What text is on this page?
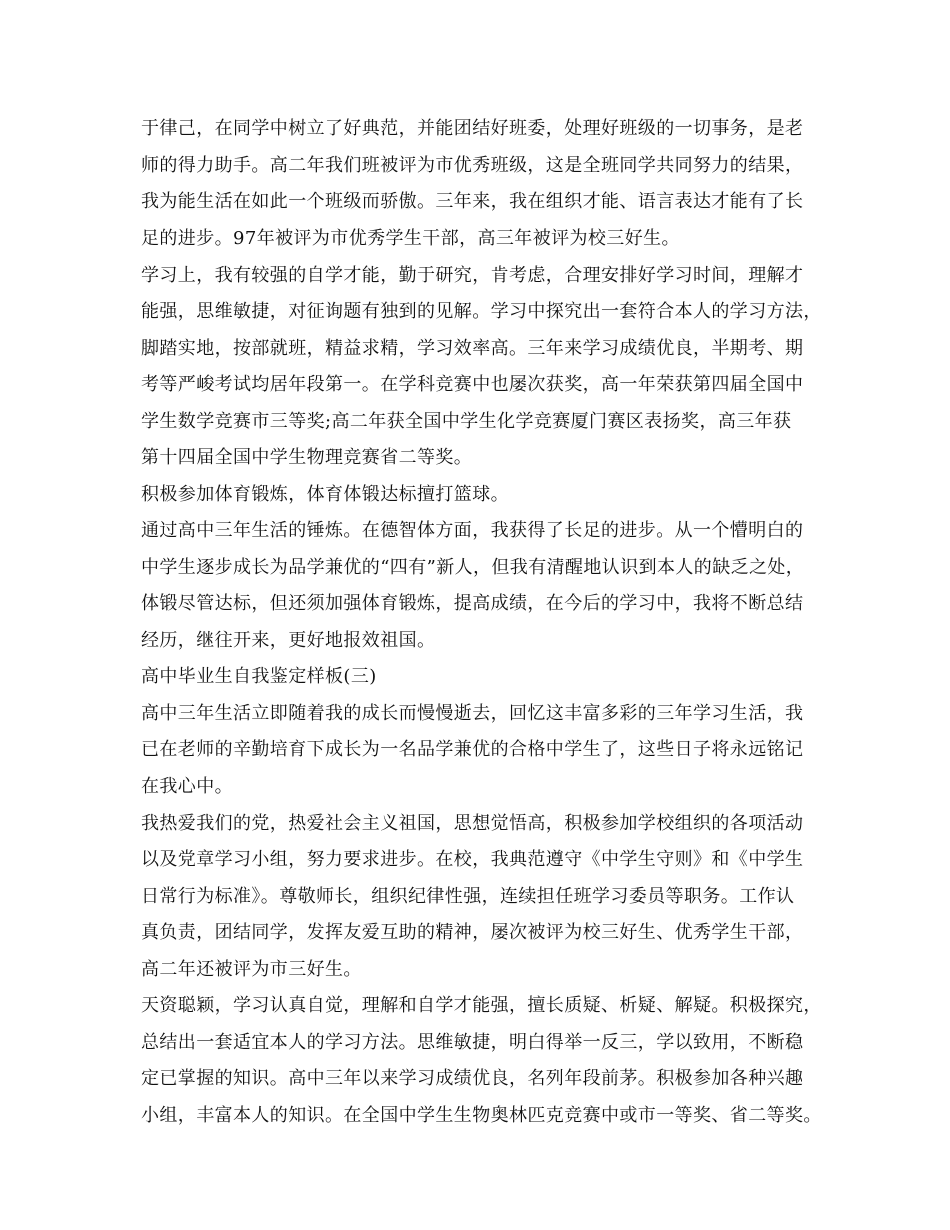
于律己，在同学中树立了好典范，并能团结好班委，处理好班级的一切事务，是老
师的得力助手。高二年我们班被评为市优秀班级，这是全班同学共同努力的结果，
我为能生活在如此一个班级而骄傲。三年来，我在组织才能、语言表达才能有了长
足的进步。97年被评为市优秀学生干部，高三年被评为校三好生。
学习上，我有较强的自学才能，勤于研究，肯考虑，合理安排好学习时间，理解才
能强，思维敏捷，对征询题有独到的见解。学习中探究出一套符合本人的学习方法，
脚踏实地，按部就班，精益求精，学习效率高。三年来学习成绩优良，半期考、期
考等严峻考试均居年段第一。在学科竞赛中也屡次获奖，高一年荣获第四届全国中
学生数学竞赛市三等奖;高二年获全国中学生化学竞赛厦门赛区表扬奖，高三年获
第十四届全国中学生物理竞赛省二等奖。
积极参加体育锻炼，体育体锻达标擅打篮球。
通过高中三年生活的锤炼。在德智体方面，我获得了长足的进步。从一个懵明白的
中学生逐步成长为品学兼优的“四有”新人，但我有清醒地认识到本人的缺乏之处，
体锻尽管达标，但还须加强体育锻炼，提高成绩，在今后的学习中，我将不断总结
经历，继往开来，更好地报效祖国。
高中毕业生自我鉴定样板(三)
高中三年生活立即随着我的成长而慢慢逝去，回忆这丰富多彩的三年学习生活，我
已在老师的辛勤培育下成长为一名品学兼优的合格中学生了，这些日子将永远铭记
在我心中。
我热爱我们的党，热爱社会主义祖国，思想觉悟高，积极参加学校组织的各项活动
以及党章学习小组，努力要求进步。在校，我典范遵守《中学生守则》和《中学生
日常行为标准》。尊敬师长，组织纪律性强，连续担任班学习委员等职务。工作认
真负责，团结同学，发挥友爱互助的精神，屡次被评为校三好生、优秀学生干部，
高二年还被评为市三好生。
天资聪颖，学习认真自觉，理解和自学才能强，擅长质疑、析疑、解疑。积极探究，
总结出一套适宜本人的学习方法。思维敏捷，明白得举一反三，学以致用，不断稳
定已掌握的知识。高中三年以来学习成绩优良，名列年段前茅。积极参加各种兴趣
小组，丰富本人的知识。在全国中学生生物奥林匹克竞赛中或市一等奖、省二等奖。
